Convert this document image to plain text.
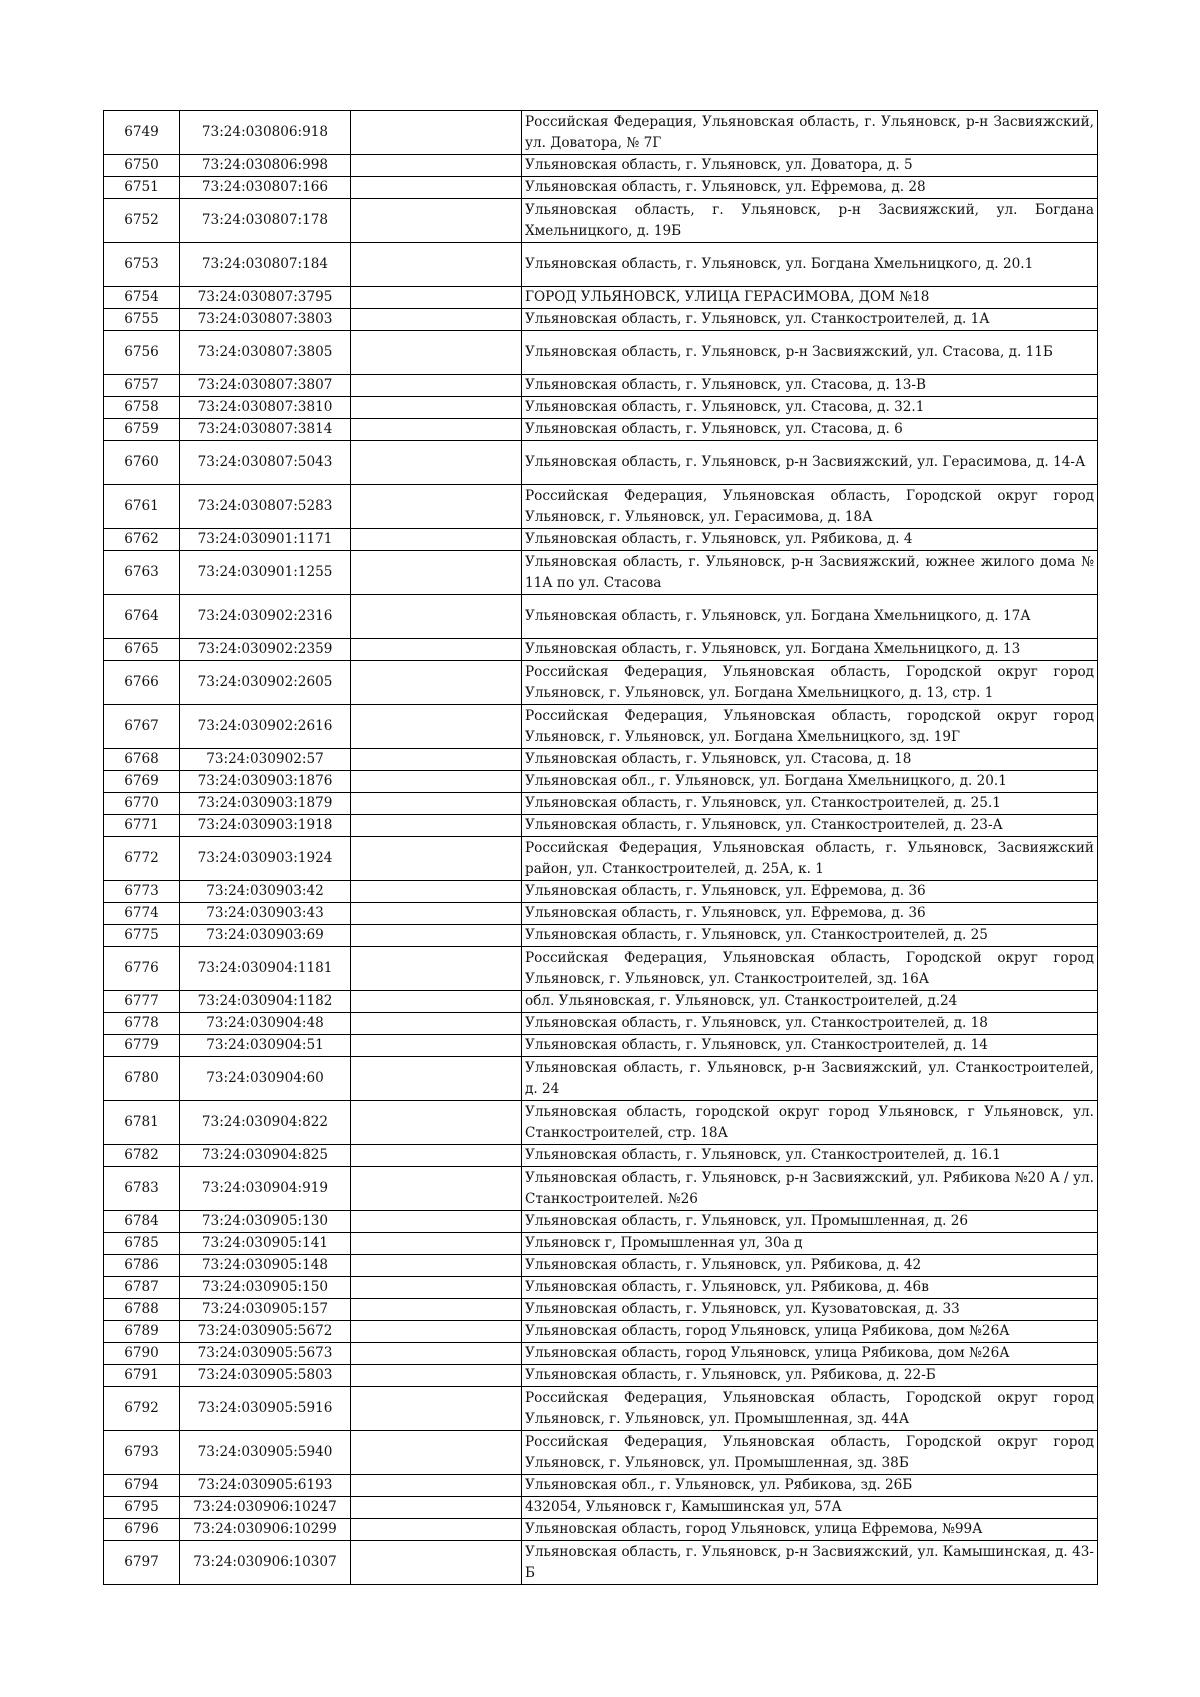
6749	73:24:030806:918		Российская Федерация, Ульяновская область, г. Ульяновск, р-н Засвияжский, ул. Доватора, № 7Г
6750	73:24:030806:998		Ульяновская область, г. Ульяновск, ул. Доватора, д. 5
6751	73:24:030807:166		Ульяновская область, г. Ульяновск, ул. Ефремова, д. 28
6752	73:24:030807:178		Ульяновская область, г. Ульяновск, р-н Засвияжский, ул. Богдана Хмельницкого, д. 19Б
6753	73:24:030807:184		Ульяновская область, г. Ульяновск, ул. Богдана Хмельницкого, д. 20.1
6754	73:24:030807:3795		ГОРОД УЛЬЯНОВСК, УЛИЦА ГЕРАСИМОВА, ДОМ №18
6755	73:24:030807:3803		Ульяновская область, г. Ульяновск, ул. Станкостроителей, д. 1А
6756	73:24:030807:3805		Ульяновская область, г. Ульяновск, р-н Засвияжский, ул. Стасова, д. 11Б
6757	73:24:030807:3807		Ульяновская область, г. Ульяновск, ул. Стасова, д. 13-В
6758	73:24:030807:3810		Ульяновская область, г. Ульяновск, ул. Стасова, д. 32.1
6759	73:24:030807:3814		Ульяновская область, г. Ульяновск, ул. Стасова, д. 6
6760	73:24:030807:5043		Ульяновская область, г. Ульяновск, р-н Засвияжский, ул. Герасимова, д. 14-А
6761	73:24:030807:5283		Российская Федерация, Ульяновская область, Городской округ город Ульяновск, г. Ульяновск, ул. Герасимова, д. 18А
6762	73:24:030901:1171		Ульяновская область, г. Ульяновск, ул. Рябикова, д. 4
6763	73:24:030901:1255		Ульяновская область, г. Ульяновск, р-н Засвияжский, южнее жилого дома № 11А по ул. Стасова
6764	73:24:030902:2316		Ульяновская область, г. Ульяновск, ул. Богдана Хмельницкого, д. 17А
6765	73:24:030902:2359		Ульяновская область, г. Ульяновск, ул. Богдана Хмельницкого, д. 13
6766	73:24:030902:2605		Российская Федерация, Ульяновская область, Городской округ город Ульяновск, г. Ульяновск, ул. Богдана Хмельницкого, д. 13, стр. 1
6767	73:24:030902:2616		Российская Федерация, Ульяновская область, городской округ город Ульяновск, г. Ульяновск, ул. Богдана Хмельницкого, зд. 19Г
6768	73:24:030902:57		Ульяновская область, г. Ульяновск, ул. Стасова, д. 18
6769	73:24:030903:1876		Ульяновская обл., г. Ульяновск, ул. Богдана Хмельницкого, д. 20.1
6770	73:24:030903:1879		Ульяновская область, г. Ульяновск, ул. Станкостроителей, д. 25.1
6771	73:24:030903:1918		Ульяновская область, г. Ульяновск, ул. Станкостроителей, д. 23-А
6772	73:24:030903:1924		Российская Федерация, Ульяновская область, г. Ульяновск, Засвияжский район, ул. Станкостроителей, д. 25А, к. 1
6773	73:24:030903:42		Ульяновская область, г. Ульяновск, ул. Ефремова, д. 36
6774	73:24:030903:43		Ульяновская область, г. Ульяновск, ул. Ефремова, д. 36
6775	73:24:030903:69		Ульяновская область, г. Ульяновск, ул. Станкостроителей, д. 25
6776	73:24:030904:1181		Российская Федерация, Ульяновская область, Городской округ город Ульяновск, г. Ульяновск, ул. Станкостроителей, зд. 16А
6777	73:24:030904:1182		обл. Ульяновская, г. Ульяновск, ул. Станкостроителей, д.24
6778	73:24:030904:48		Ульяновская область, г. Ульяновск, ул. Станкостроителей, д. 18
6779	73:24:030904:51		Ульяновская область, г. Ульяновск, ул. Станкостроителей, д. 14
6780	73:24:030904:60		Ульяновская область, г. Ульяновск, р-н Засвияжский, ул. Станкостроителей, д. 24
6781	73:24:030904:822		Ульяновская область, городской округ город Ульяновск, г Ульяновск, ул. Станкостроителей, стр. 18А
6782	73:24:030904:825		Ульяновская область, г. Ульяновск, ул. Станкостроителей, д. 16.1
6783	73:24:030904:919		Ульяновская область, г. Ульяновск, р-н Засвияжский, ул. Рябикова №20 А / ул. Станкостроителей. №26
6784	73:24:030905:130		Ульяновская область, г. Ульяновск, ул. Промышленная, д. 26
6785	73:24:030905:141		Ульяновск г, Промышленная ул, 30а д
6786	73:24:030905:148		Ульяновская область, г. Ульяновск, ул. Рябикова, д. 42
6787	73:24:030905:150		Ульяновская область, г. Ульяновск, ул. Рябикова, д. 46в
6788	73:24:030905:157		Ульяновская область, г. Ульяновск, ул. Кузоватовская, д. 33
6789	73:24:030905:5672		Ульяновская область, город Ульяновск, улица Рябикова, дом №26А
6790	73:24:030905:5673		Ульяновская область, город Ульяновск, улица Рябикова, дом №26А
6791	73:24:030905:5803		Ульяновская область, г. Ульяновск, ул. Рябикова, д. 22-Б
6792	73:24:030905:5916		Российская Федерация, Ульяновская область, Городской округ город Ульяновск, г. Ульяновск, ул. Промышленная, зд. 44А
6793	73:24:030905:5940		Российская Федерация, Ульяновская область, Городской округ город Ульяновск, г. Ульяновск, ул. Промышленная, зд. 38Б
6794	73:24:030905:6193		Ульяновская обл., г. Ульяновск, ул. Рябикова, зд. 26Б
6795	73:24:030906:10247		432054, Ульяновск г, Камышинская ул, 57А
6796	73:24:030906:10299		Ульяновская область, город Ульяновск, улица Ефремова, №99А
6797	73:24:030906:10307		Ульяновская область, г. Ульяновск, р-н Засвияжский, ул. Камышинская, д. 43-Б
